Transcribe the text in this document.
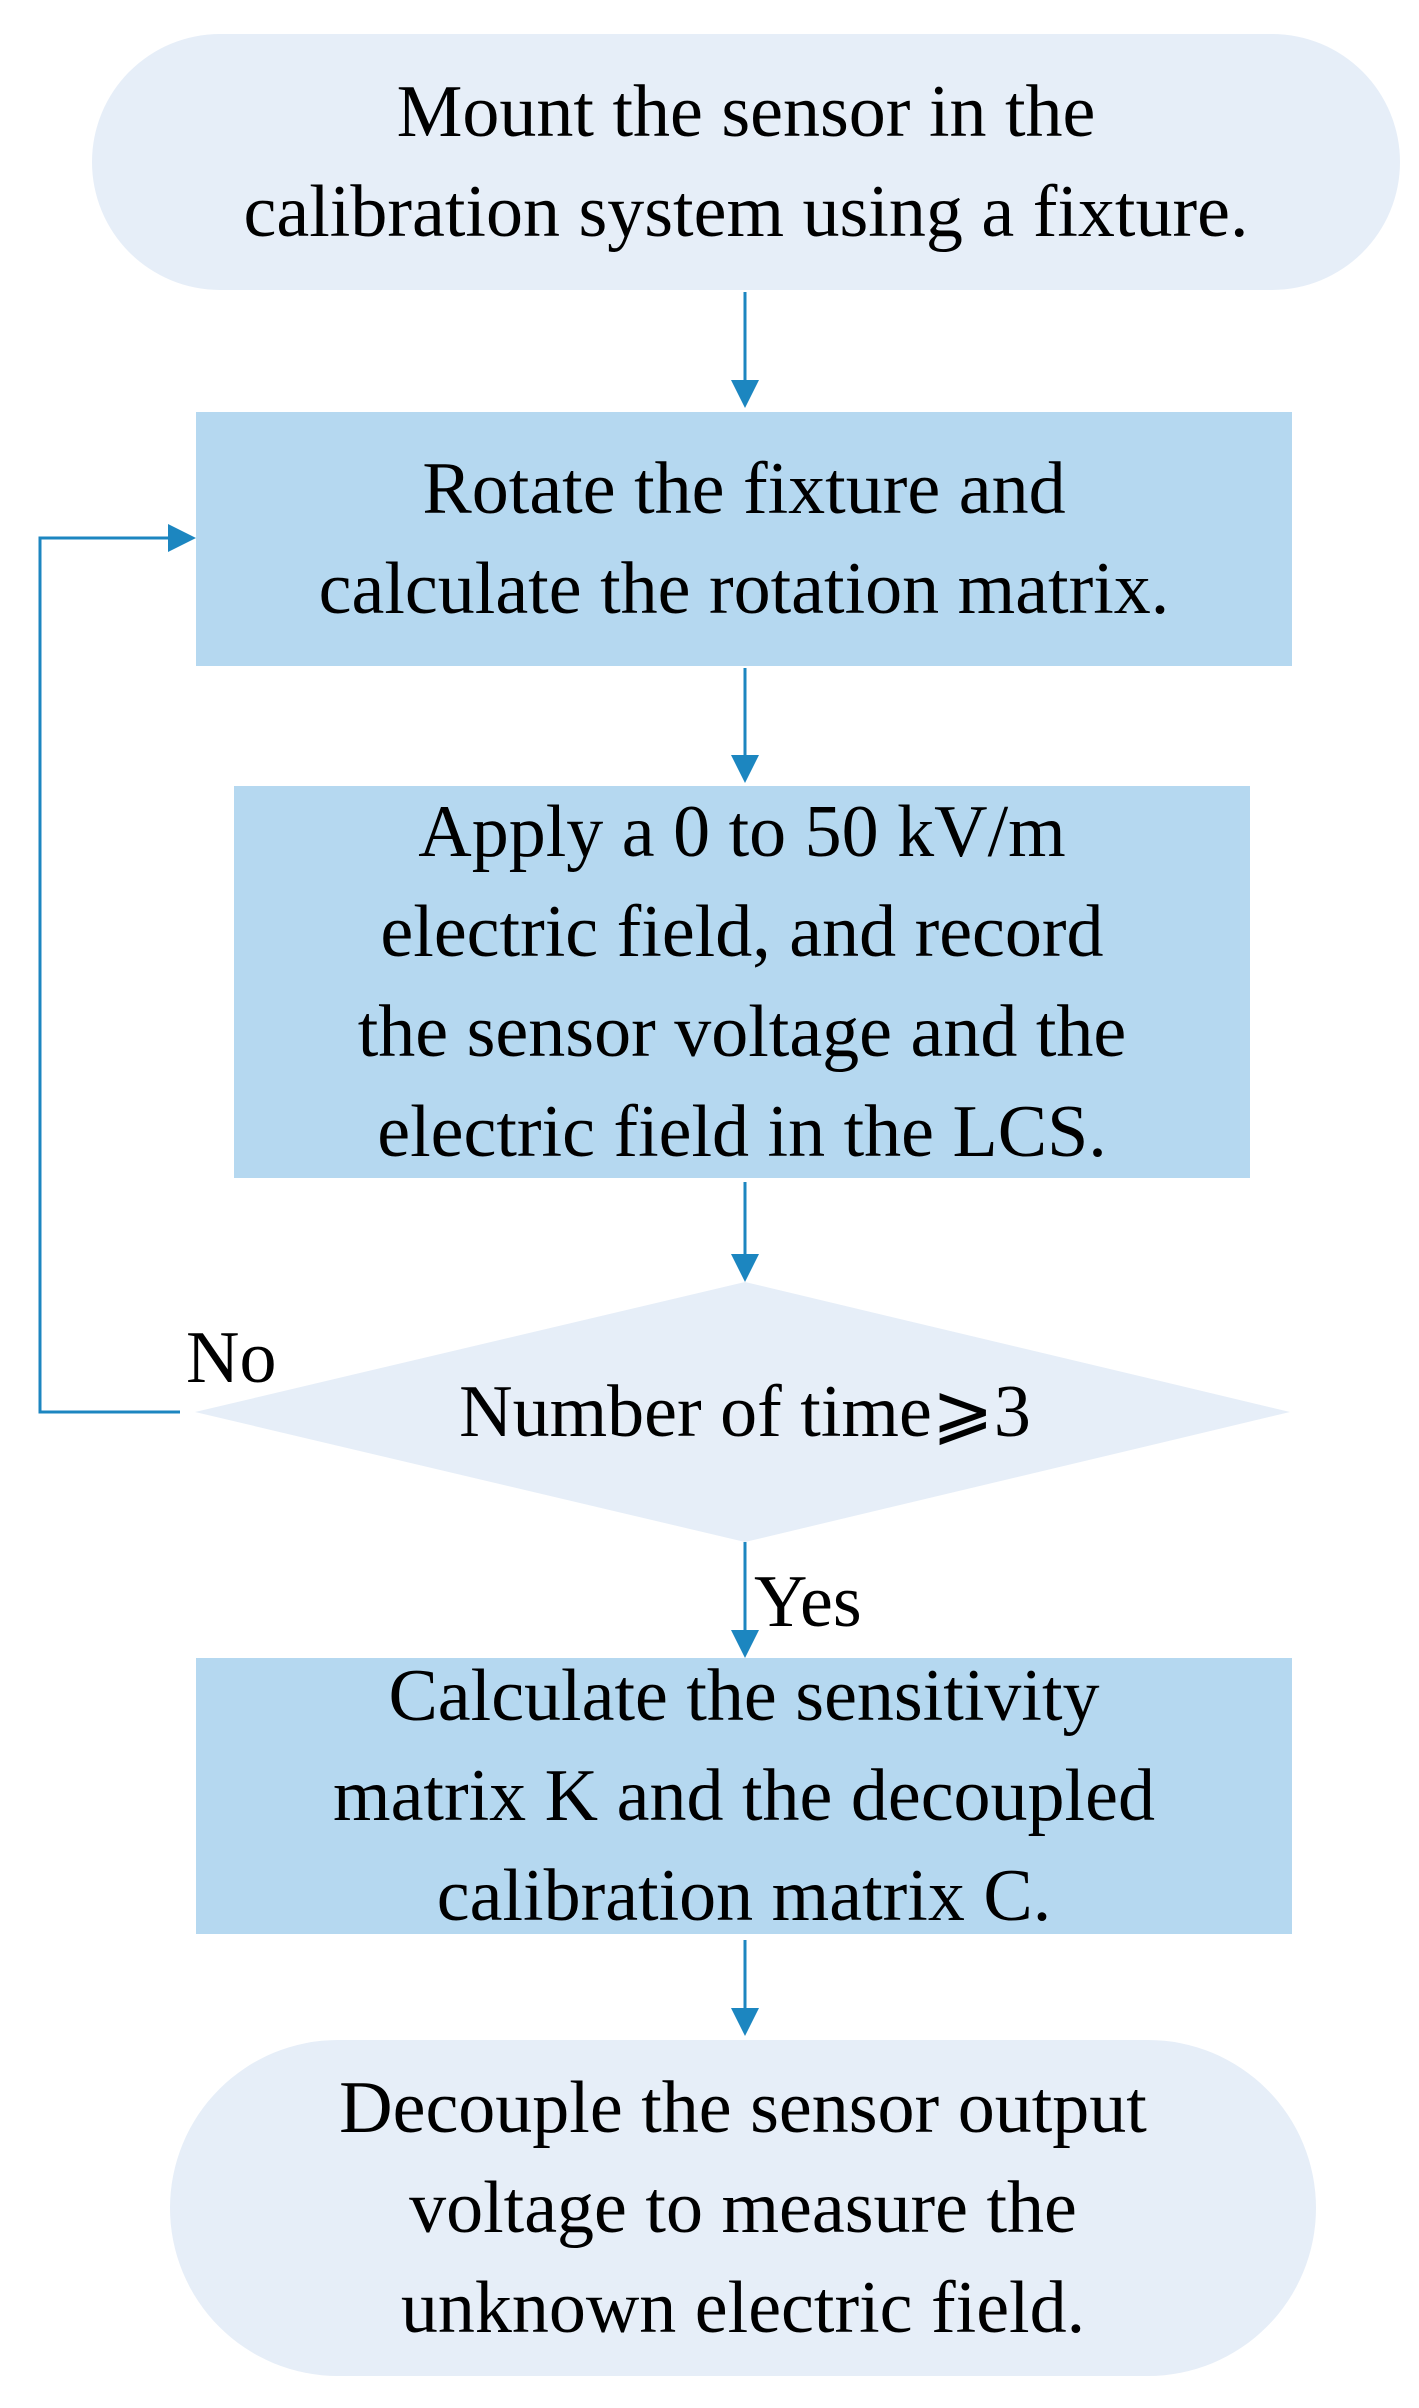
Mount the sensor in the
calibration system using a fixture.
Rotate the fixture and
calculate the rotation matrix.
Apply a 0 to 50 kV/m
electric field, and record
the sensor voltage and the
electric field in the LCS.
Number of time⩾3
No
Yes
Calculate the sensitivity
matrix K and the decoupled
calibration matrix C.
Decouple the sensor output
voltage to measure the
unknown electric field.
